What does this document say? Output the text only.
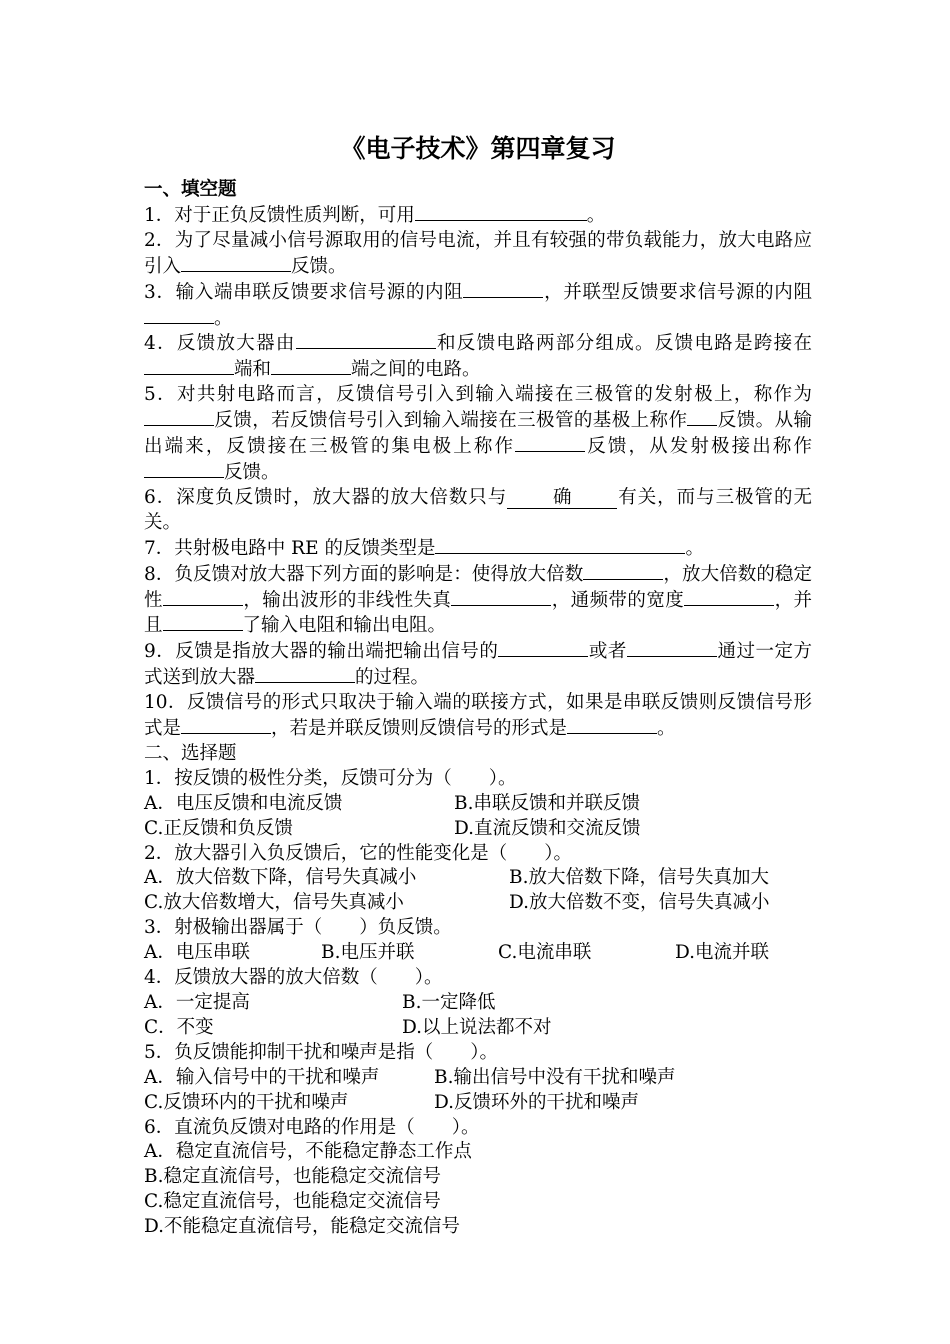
《电子技术》第四章复习
一、填空题
1．对于正负反馈性质判断，可用	。
2．为了尽量减小信号源取用的信号电流，并且有较强的带负载能力，放大电路应引入	反馈。
3．输入端串联反馈要求信号源的内阻	，并联型反馈要求信号源的内阻。
4．反馈放大器由	和反馈电路两部分组成。反馈电路是跨接在端和	端之间的电路。
5．对共射电路而言，反馈信号引入到输入端接在三极管的发射极上，称作为反馈，若反馈信号引入到输入端接在三极管的基极上称作 反馈。从输出端来，反馈接在三极管的集电极上称作	反馈，从发射极接出称作反馈。
6．深度负反馈时，放大器的放大倍数只与 确 有关，而与三极管的无关。
7．共射极电路中 RE 的反馈类型是	。
8．负反馈对放大器下列方面的影响是：使得放大倍数	，放大倍数的稳定性	，输出波形的非线性失真	，通频带的宽度	，并且	了输入电阻和输出电阻。
9．反馈是指放大器的输出端把输出信号的	或者	通过一定方式送到放大器	的过程。
10．反馈信号的形式只取决于输入端的联接方式，如果是串联反馈则反馈信号形式是	，若是并联反馈则反馈信号的形式是	。
二、选择题
1．按反馈的极性分类，反馈可分为（　　）。
A．电压反馈和电流反馈	B.串联反馈和并联反馈
C.正反馈和负反馈	D.直流反馈和交流反馈
2．放大器引入负反馈后，它的性能变化是（　　）。
A．放大倍数下降，信号失真减小	B.放大倍数下降，信号失真加大
C.放大倍数增大，信号失真减小	D.放大倍数不变，信号失真减小
3．射极输出器属于（　　）负反馈。
A．电压串联	B.电压并联	C.电流串联	D.电流并联
4．反馈放大器的放大倍数（　　）。
A．一定提高	B.一定降低
C．不变	D.以上说法都不对
5．负反馈能抑制干扰和噪声是指（　　）。
A．输入信号中的干扰和噪声	B.输出信号中没有干扰和噪声
C.反馈环内的干扰和噪声	D.反馈环外的干扰和噪声
6．直流负反馈对电路的作用是（　　）。
A．稳定直流信号，不能稳定静态工作点
B.稳定直流信号，也能稳定交流信号
C.稳定直流信号，也能稳定交流信号
D.不能稳定直流信号，能稳定交流信号
